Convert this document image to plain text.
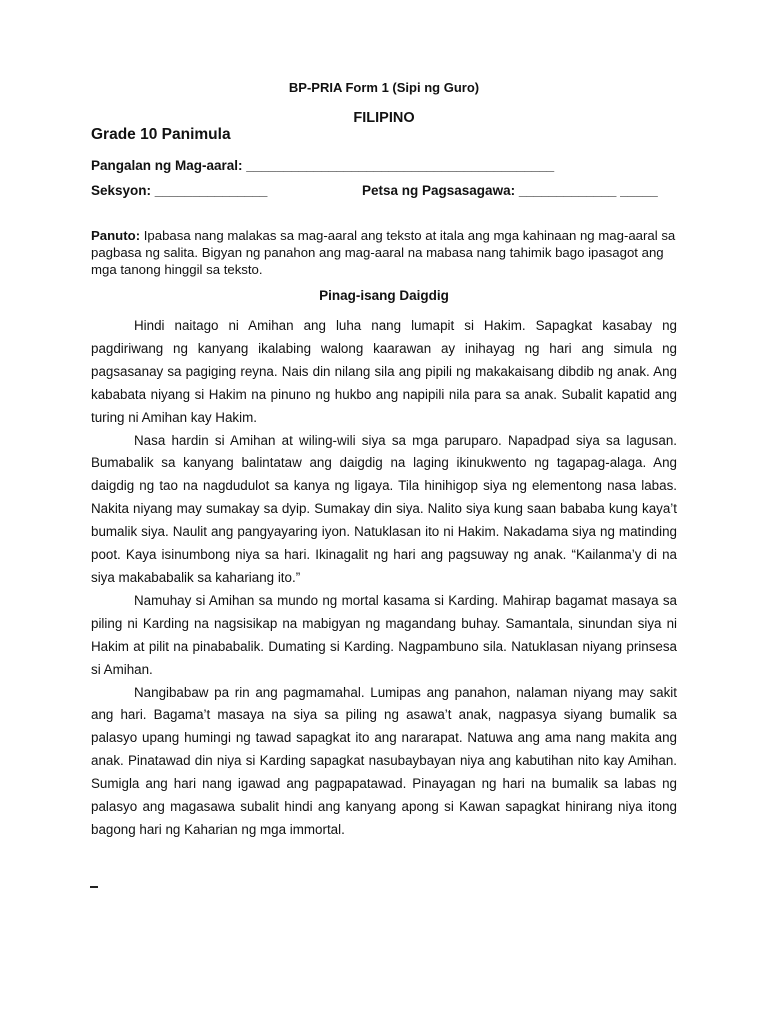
BP-PRIA Form 1 (Sipi ng Guro)
FILIPINO
Grade 10 Panimula
Pangalan ng Mag-aaral: _________________________________________
Seksyon: _______________	Petsa ng Pagsasagawa: _____________ _____
Panuto: Ipabasa nang malakas sa mag-aaral ang teksto at itala ang mga kahinaan ng mag-aaral sa pagbasa ng salita. Bigyan ng panahon ang mag-aaral na mabasa nang tahimik bago ipasagot ang mga tanong hinggil sa teksto.
Pinag-isang Daigdig

Hindi naitago ni Amihan ang luha nang lumapit si Hakim. Sapagkat kasabay ng pagdiriwang ng kanyang ikalabing walong kaarawan ay inihayag ng hari ang simula ng pagsasanay sa pagiging reyna. Nais din nilang sila ang pipili ng makakaisang dibdib ng anak. Ang kababata niyang si Hakim na pinuno ng hukbo ang napipili nila para sa anak. Subalit kapatid ang turing ni Amihan kay Hakim.

Nasa hardin si Amihan at wiling-wili siya sa mga paruparo. Napadpad siya sa lagusan. Bumabalik sa kanyang balintataw ang daigdig na laging ikinukwento ng tagapag-alaga. Ang daigdig ng tao na nagdudulot sa kanya ng ligaya. Tila hinihigop siya ng elementong nasa labas. Nakita niyang may sumakay sa dyip. Sumakay din siya. Nalito siya kung saan bababa kung kaya’t bumalik siya. Naulit ang pangyayaring iyon. Natuklasan ito ni Hakim. Nakadama siya ng matinding poot. Kaya isinumbong niya sa hari. Ikinagalit ng hari ang pagsuway ng anak. “Kailanma’y di na siya makababalik sa kahariang ito.”

Namuhay si Amihan sa mundo ng mortal kasama si Karding. Mahirap bagamat masaya sa piling ni Karding na nagsisikap na mabigyan ng magandang buhay. Samantala, sinundan siya ni Hakim at pilit na pinababalik. Dumating si Karding. Nagpambuno sila. Natuklasan niyang prinsesa si Amihan.

Nangibabaw pa rin ang pagmamahal. Lumipas ang panahon, nalaman niyang may sakit ang hari. Bagama’t masaya na siya sa piling ng asawa’t anak, nagpasya siyang bumalik sa palasyo upang humingi ng tawad sapagkat ito ang nararapat. Natuwa ang ama nang makita ang anak. Pinatawad din niya si Karding sapagkat nasubaybayan niya ang kabutihan nito kay Amihan. Sumigla ang hari nang igawad ang pagpapatawad. Pinayagan ng hari na bumalik sa labas ng palasyo ang magasawa subalit hindi ang kanyang apong si Kawan sapagkat hinirang niya itong bagong hari ng Kaharian ng mga immortal.
